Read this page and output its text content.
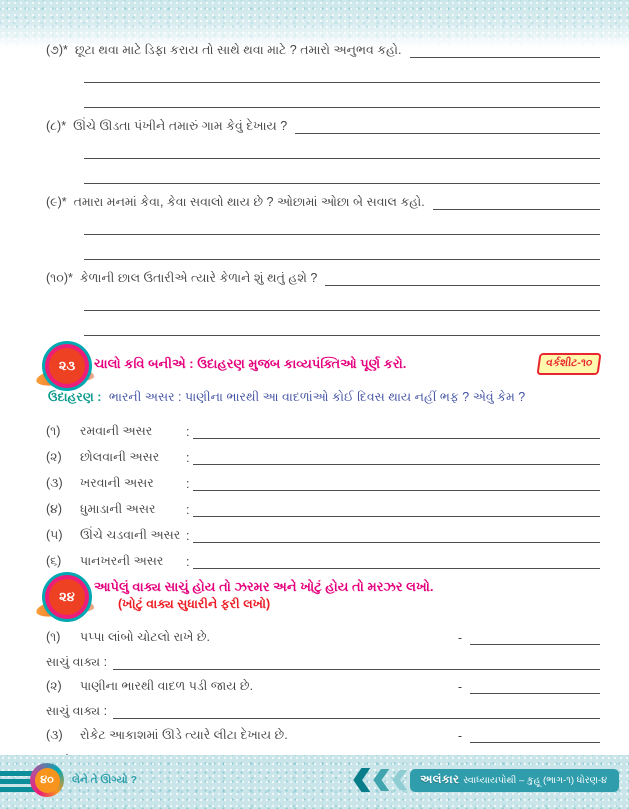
(૭)* છૂટા થવા માટે ડિફા કરાય તો સાથે થવા માટે ? તમારો અનુભવ કહો.
(૮)* ઊંચે ઊડતા પંખીને તમારું ગામ કેવું દેખાય ?
(૯)* તમારા મનમાં કેવા, કેવા સવાલો થાય છે ? ઓછામાં ઓછા બે સવાલ કહો.
(૧૦)* કેળાની છાલ ઉતારીએ ત્યારે કેળાને શું થતું હશે ?
૨૩	ચાલો કવિ બનીએ : ઉદાહરણ મુજબ કાવ્યપંક્તિઓ પૂર્ણ કરો.	વર્કશીટ-૧૦
ઉદાહરણ : ભારની અસર : પાણીના ભારથી આ વાદળાંઓ કોઈ દિવસ થાય નહીં ભફ ? એવું કેમ ?
(૧)	રમવાની અસર	:
(૨)	છોલવાની અસર	:
(૩)	ખરવાની અસર	:
(૪)	ધુમાડાની અસર	:
(૫)	ઊંચે ચડવાની અસર :
(૬)	પાનખરની અસર	:
૨૪
આપેલું વાક્ય સાચું હોય તો ઝરમર અને ખોટું હોય તો મરઝર લખો.
(ખોટું વાક્ય સુધારીને ફરી લખો)
(૧)	પપ્પા લાંબો ચોટલો રાખે છે.	-
સાચું વાક્ય :
(૨)	પાણીના ભારથી વાદળ પડી જાય છે.	-
સાચું વાક્ય :
(૩)	રોકેટ આકાશમાં ઊડે ત્યારે લીટા દેખાય છે.	-
૪૦	લેને તે ઊગ્યો ?	અલંકાર સ્વાધ્યાયપોથી – કુહૂ (ભાગ-૧) ધોરણ-૪
